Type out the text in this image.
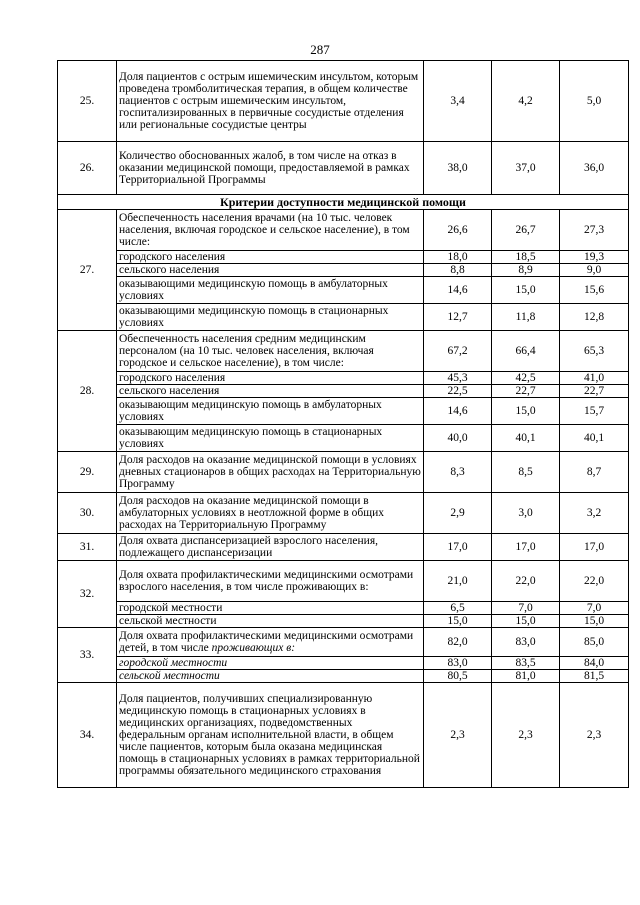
287
25.	Доля пациентов с острым ишемическим инсультом, которым проведена тромболитическая терапия, в общем количестве пациентов с острым ишемическим инсультом, госпитализированных в первичные сосудистые отделения или региональные сосудистые центры	3,4	4,2	5,0
26.	Количество обоснованных жалоб, в том числе на отказ в оказании медицинской помощи, предоставляемой в рамках Территориальной Программы	38,0	37,0	36,0
Критерии доступности медицинской помощи				
27.	Обеспеченность населения врачами (на 10 тыс. человек населения, включая городское и сельское население), в том числе:	26,6	26,7	27,3
	городского населения	18,0	18,5	19,3
	сельского населения	8,8	8,9	9,0
	оказывающими медицинскую помощь в амбулаторных условиях	14,6	15,0	15,6
	оказывающими медицинскую помощь в стационарных условиях	12,7	11,8	12,8
28.	Обеспеченность населения средним медицинским персоналом (на 10 тыс. человек населения, включая городское и сельское население), в том числе:	67,2	66,4	65,3
	городского населения	45,3	42,5	41,0
	сельского населения	22,5	22,7	22,7
	оказывающим медицинскую помощь в амбулаторных условиях	14,6	15,0	15,7
	оказывающим медицинскую помощь в стационарных условиях	40,0	40,1	40,1
29.	Доля расходов на оказание медицинской помощи в условиях дневных стационаров в общих расходах на Территориальную Программу	8,3	8,5	8,7
30.	Доля расходов на оказание медицинской помощи в амбулаторных условиях в неотложной форме в общих расходах на Территориальную Программу	2,9	3,0	3,2
31.	Доля охвата диспансеризацией взрослого населения, подлежащего диспансеризации	17,0	17,0	17,0
32.	Доля охвата профилактическими медицинскими осмотрами взрослого населения, в том числе проживающих в:	21,0	22,0	22,0
	городской местности	6,5	7,0	7,0
	сельской местности	15,0	15,0	15,0
33.	Доля охвата профилактическими медицинскими осмотрами детей, в том числе проживающих в:	82,0	83,0	85,0
	городской местности	83,0	83,5	84,0
	сельской местности	80,5	81,0	81,5
34.	Доля пациентов, получивших специализированную медицинскую помощь в стационарных условиях в медицинских организациях, подведомственных федеральным органам исполнительной власти, в общем числе пациентов, которым была оказана медицинская помощь в стационарных условиях в рамках территориальной программы обязательного медицинского страхования	2,3	2,3	2,3
